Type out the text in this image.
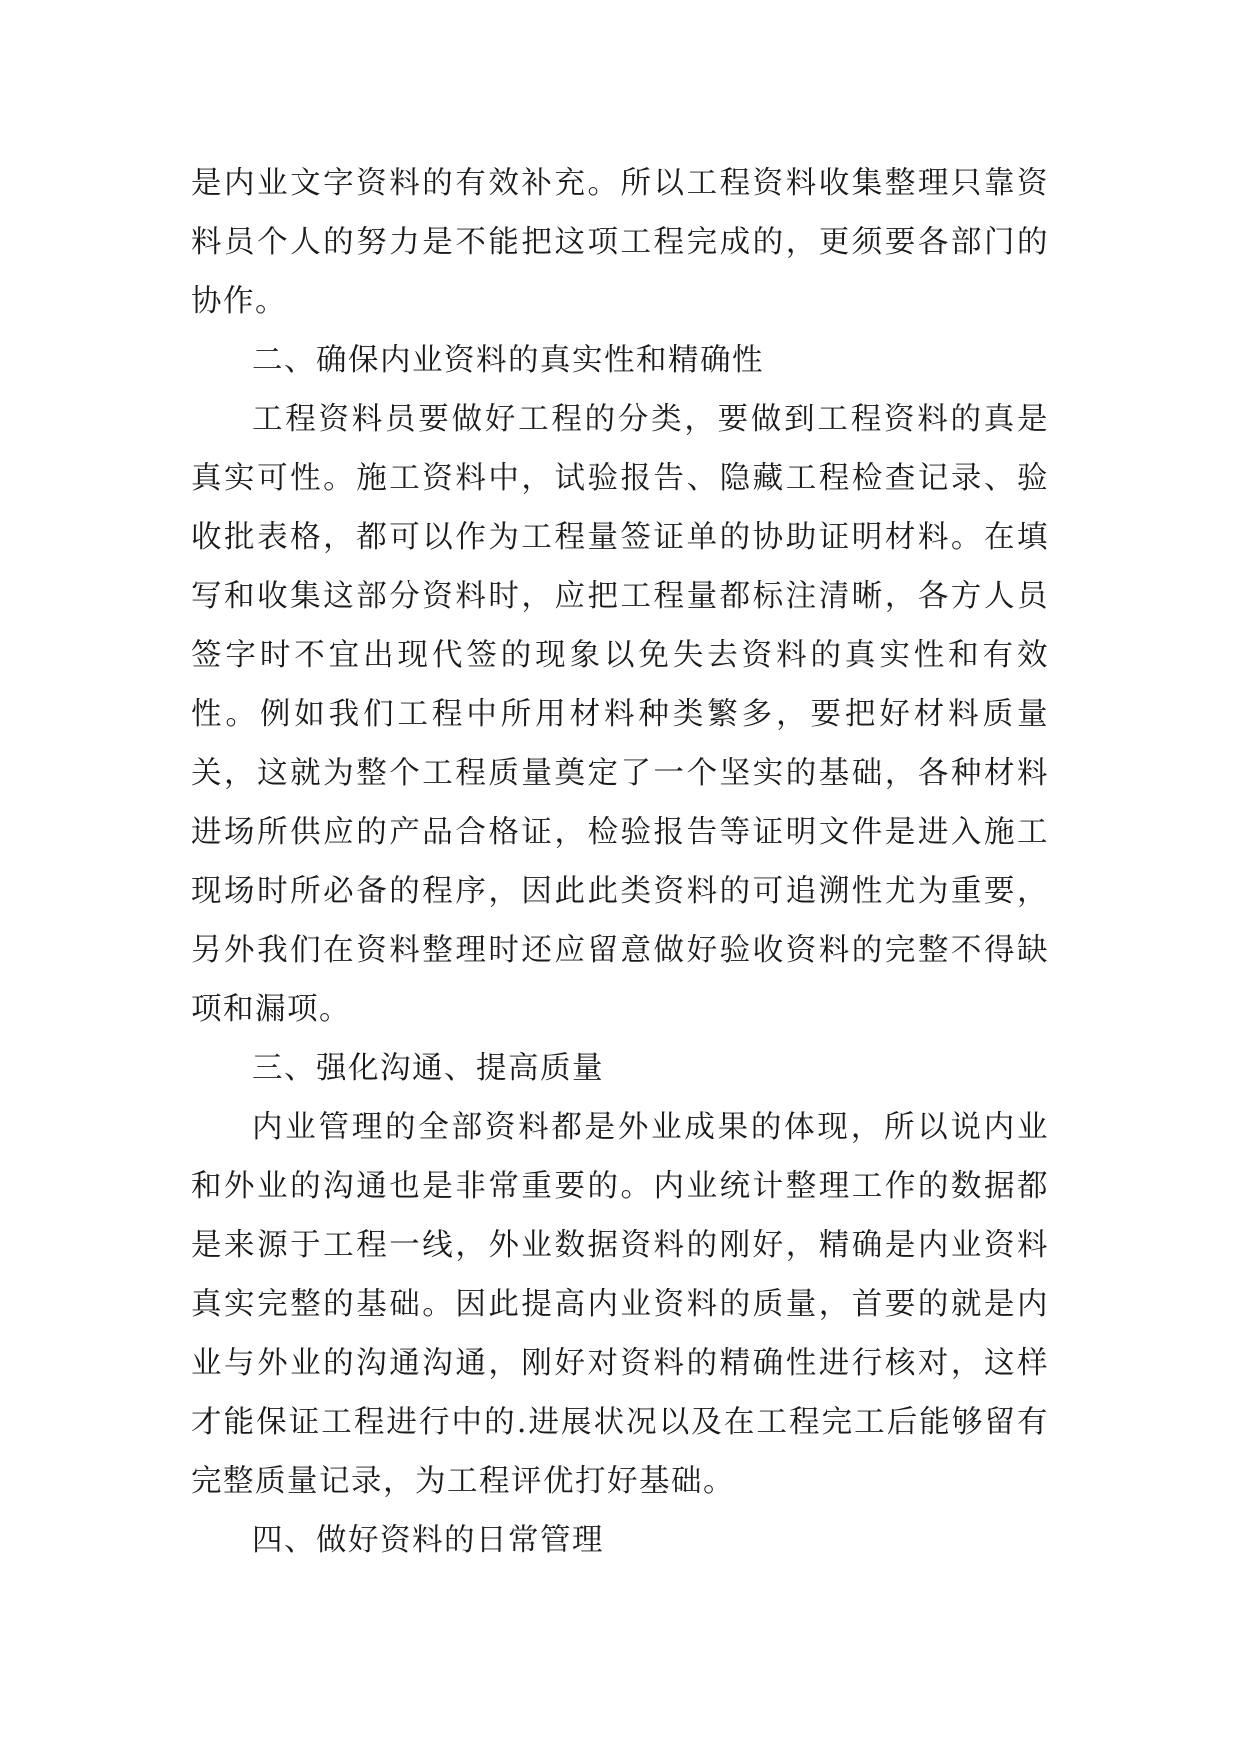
是内业文字资料的有效补充。所以工程资料收集整理只靠资料员个人的努力是不能把这项工程完成的，更须要各部门的协作。

二、确保内业资料的真实性和精确性

工程资料员要做好工程的分类，要做到工程资料的真是真实可性。施工资料中，试验报告、隐藏工程检查记录、验收批表格，都可以作为工程量签证单的协助证明材料。在填写和收集这部分资料时，应把工程量都标注清晰，各方人员签字时不宜出现代签的现象以免失去资料的真实性和有效性。例如我们工程中所用材料种类繁多，要把好材料质量关，这就为整个工程质量奠定了一个坚实的基础，各种材料进场所供应的产品合格证，检验报告等证明文件是进入施工现场时所必备的程序，因此此类资料的可追溯性尤为重要，另外我们在资料整理时还应留意做好验收资料的完整不得缺项和漏项。

三、强化沟通、提高质量

内业管理的全部资料都是外业成果的体现，所以说内业和外业的沟通也是非常重要的。内业统计整理工作的数据都是来源于工程一线，外业数据资料的刚好，精确是内业资料真实完整的基础。因此提高内业资料的质量，首要的就是内业与外业的沟通沟通，刚好对资料的精确性进行核对，这样才能保证工程进行中的.进展状况以及在工程完工后能够留有完整质量记录，为工程评优打好基础。

四、做好资料的日常管理
